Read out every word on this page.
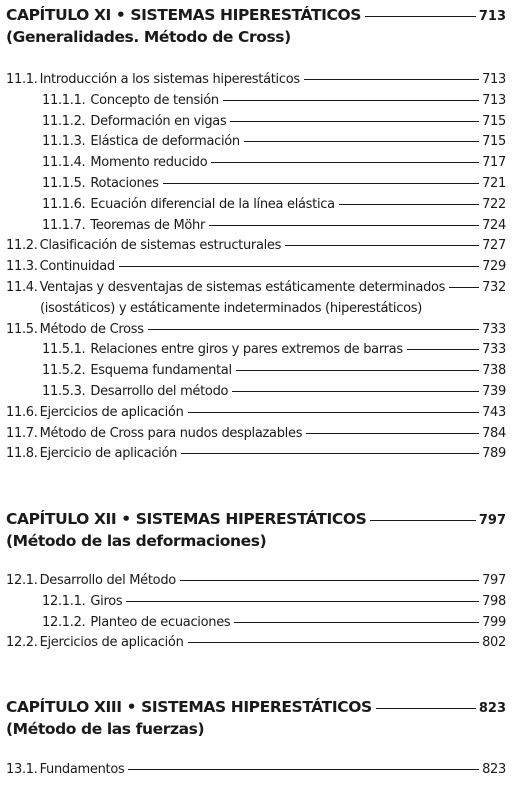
CAPÍTULO XI • SISTEMAS HIPERESTÁTICOS	713
(Generalidades. Método de Cross)
11.1. Introducción a los sistemas hiperestáticos	713
11.1.1. Concepto de tensión	713
11.1.2. Deformación en vigas	715
11.1.3. Elástica de deformación	715
11.1.4. Momento reducido	717
11.1.5. Rotaciones	721
11.1.6. Ecuación diferencial de la línea elástica	722
11.1.7. Teoremas de Möhr	724
11.2. Clasificación de sistemas estructurales	727
11.3. Continuidad	729
11.4. Ventajas y desventajas de sistemas estáticamente determinados	732
(isostáticos) y estáticamente indeterminados (hiperestáticos)
11.5. Método de Cross	733
11.5.1. Relaciones entre giros y pares extremos de barras	733
11.5.2. Esquema fundamental	738
11.5.3. Desarrollo del método	739
11.6. Ejercicios de aplicación	743
11.7. Método de Cross para nudos desplazables	784
11.8. Ejercicio de aplicación	789
CAPÍTULO XII • SISTEMAS HIPERESTÁTICOS	797
(Método de las deformaciones)
12.1. Desarrollo del Método	797
12.1.1. Giros	798
12.1.2. Planteo de ecuaciones	799
12.2. Ejercicios de aplicación	802
CAPÍTULO XIII • SISTEMAS HIPERESTÁTICOS	823
(Método de las fuerzas)
13.1. Fundamentos	823
